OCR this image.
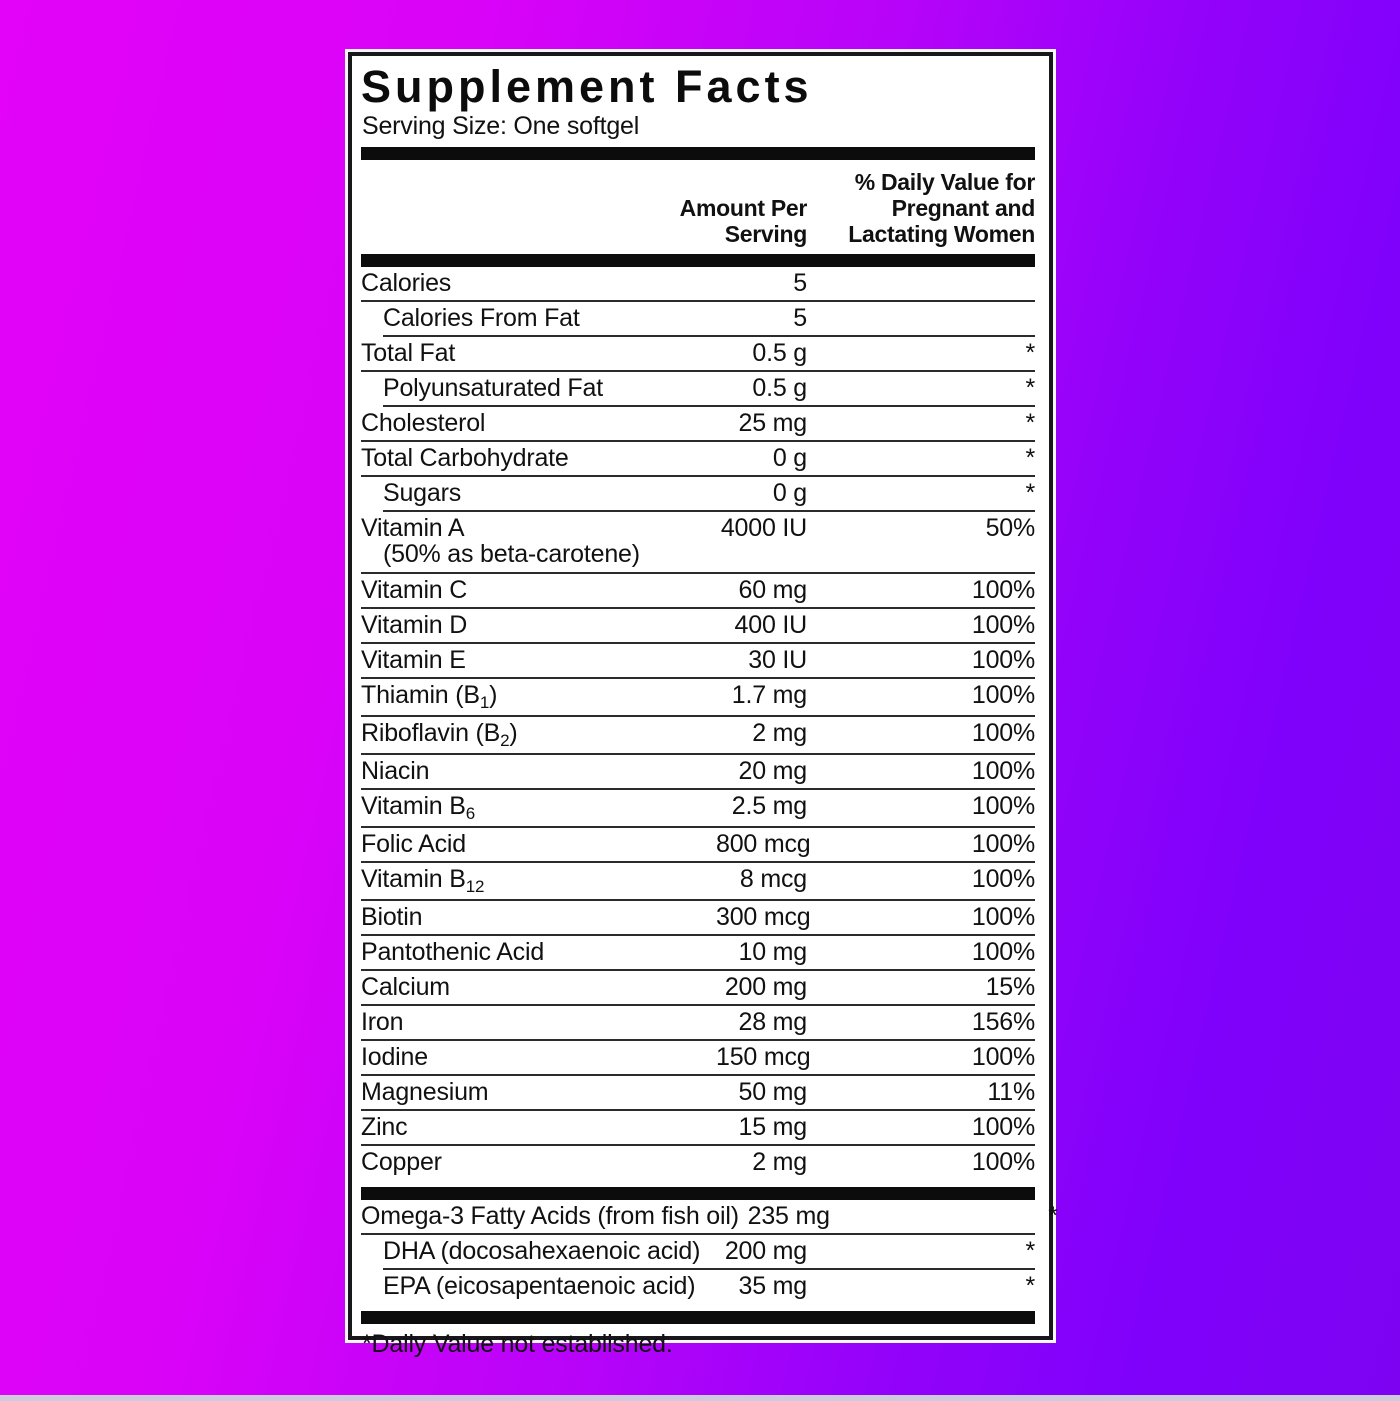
Supplement Facts
Serving Size: One softgel
Amount Per
Serving
% Daily Value for
Pregnant and
Lactating Women
Calories	5
Calories From Fat	5
Total Fat	0.5 g	*
Polyunsaturated Fat	0.5 g	*
Cholesterol	25 mg	*
Total Carbohydrate	0 g	*
Sugars	0 g	*
Vitamin A	4000 IU	50%
(50% as beta-carotene)
Vitamin C	60 mg	100%
Vitamin D	400 IU	100%
Vitamin E	30 IU	100%
Thiamin $(B_1)$	1.7 mg	100%
Riboflavin $(B_2)$	2 mg	100%
Niacin	20 mg	100%
Vitamin $B_6$	2.5 mg	100%
Folic Acid	800 mcg	100%
Vitamin $B_{12}$	8 mcg	100%
Biotin	300 mcg	100%
Pantothenic Acid	10 mg	100%
Calcium	200 mg	15%
Iron	28 mg	156%
Iodine	150 mcg	100%
Magnesium	50 mg	11%
Zinc	15 mg	100%
Copper	2 mg	100%
Omega-3 Fatty Acids (from fish oil) 235 mg	*
DHA (docosahexaenoic acid) 200 mg	*
EPA (eicosapentaenoic acid)	35 mg	*
*Daily Value not established.
